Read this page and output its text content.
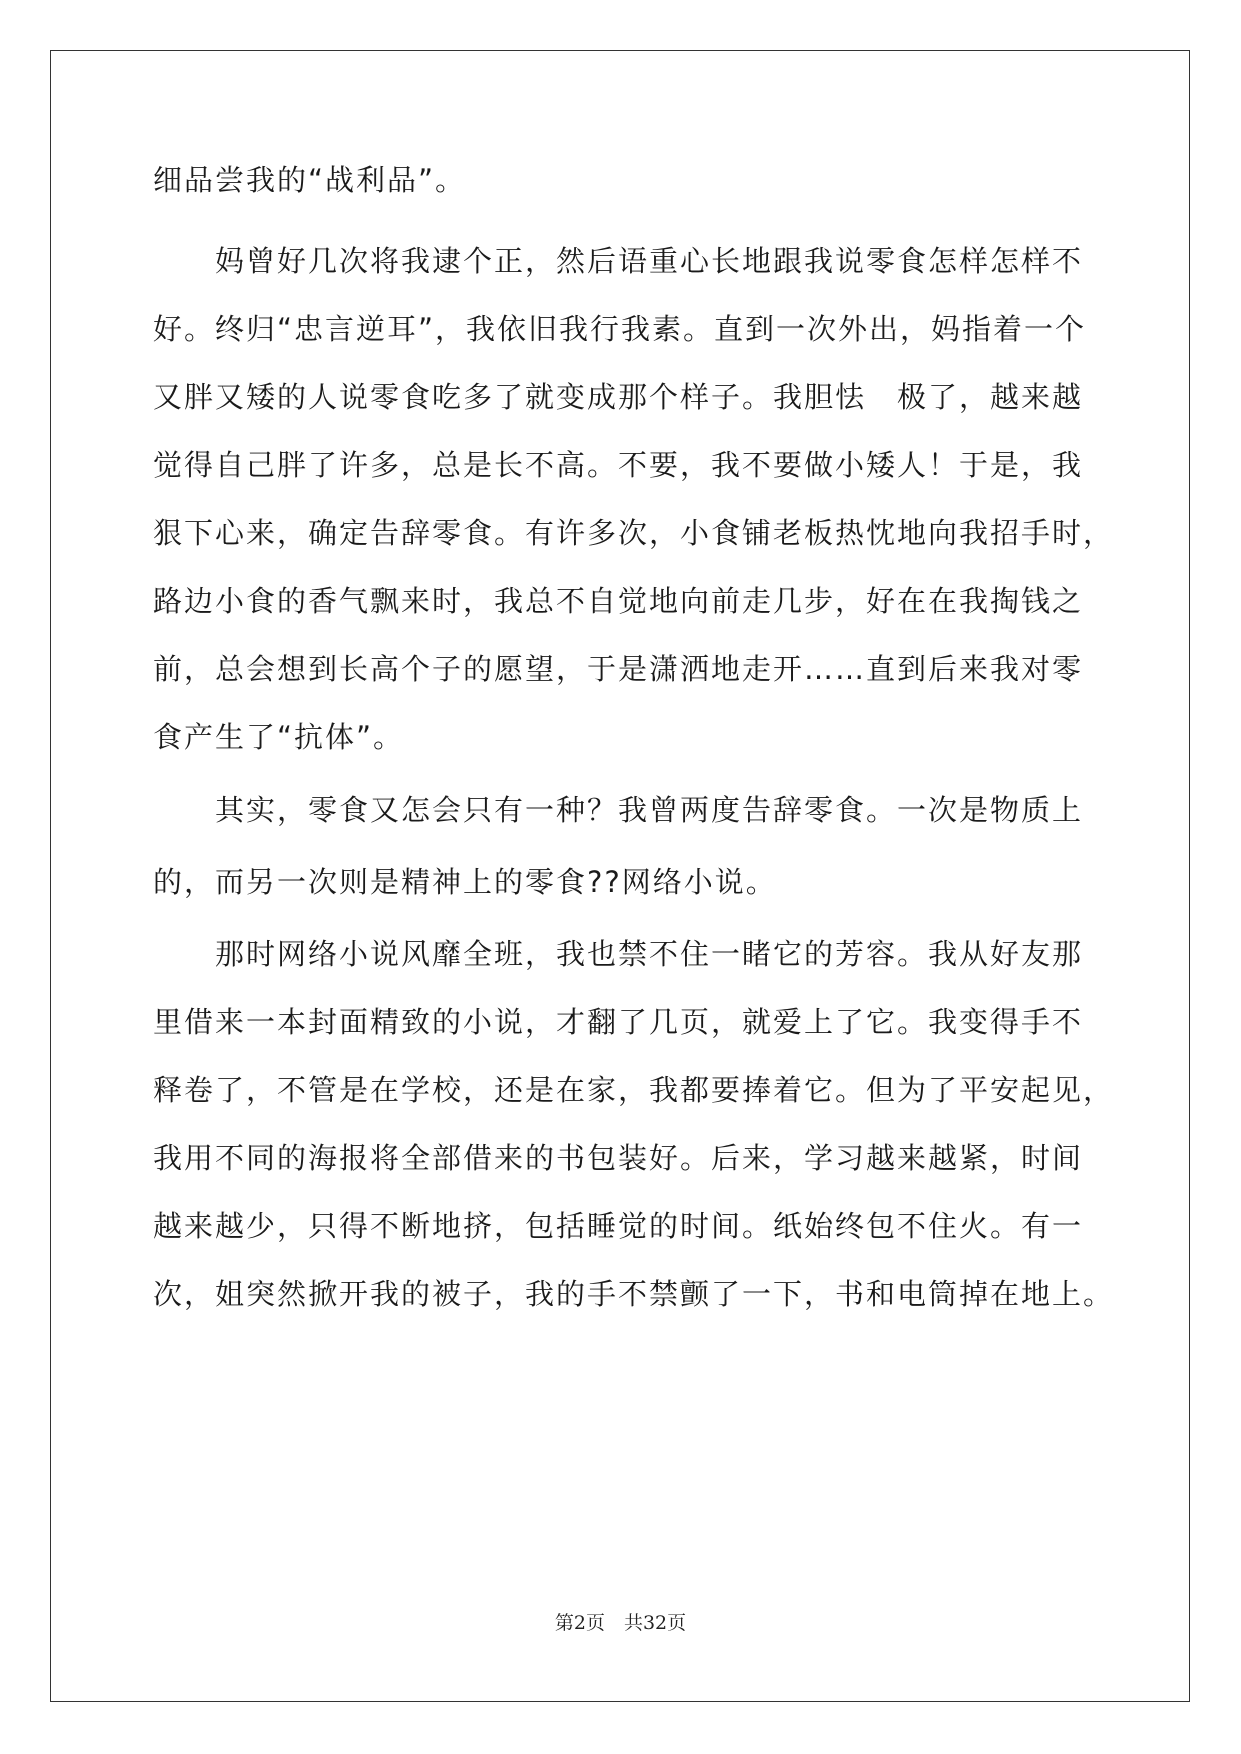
细品尝我的“战利品”。
　　妈曾好几次将我逮个正，然后语重心长地跟我说零食怎样怎样不
好。终归“忠言逆耳”，我依旧我行我素。直到一次外出，妈指着一个
又胖又矮的人说零食吃多了就变成那个样子。我胆怯　极了，越来越
觉得自己胖了许多，总是长不高。不要，我不要做小矮人！于是，我
狠下心来，确定告辞零食。有许多次，小食铺老板热忱地向我招手时，
路边小食的香气飘来时，我总不自觉地向前走几步，好在在我掏钱之
前，总会想到长高个子的愿望，于是潇洒地走开……直到后来我对零
食产生了“抗体”。
　　其实，零食又怎会只有一种？我曾两度告辞零食。一次是物质上
的，而另一次则是精神上的零食??网络小说。
　　那时网络小说风靡全班，我也禁不住一睹它的芳容。我从好友那
里借来一本封面精致的小说，才翻了几页，就爱上了它。我变得手不
释卷了，不管是在学校，还是在家，我都要捧着它。但为了平安起见，
我用不同的海报将全部借来的书包装好。后来，学习越来越紧，时间
越来越少，只得不断地挤，包括睡觉的时间。纸始终包不住火。有一
次，姐突然掀开我的被子，我的手不禁颤了一下，书和电筒掉在地上。
第2页　共32页
